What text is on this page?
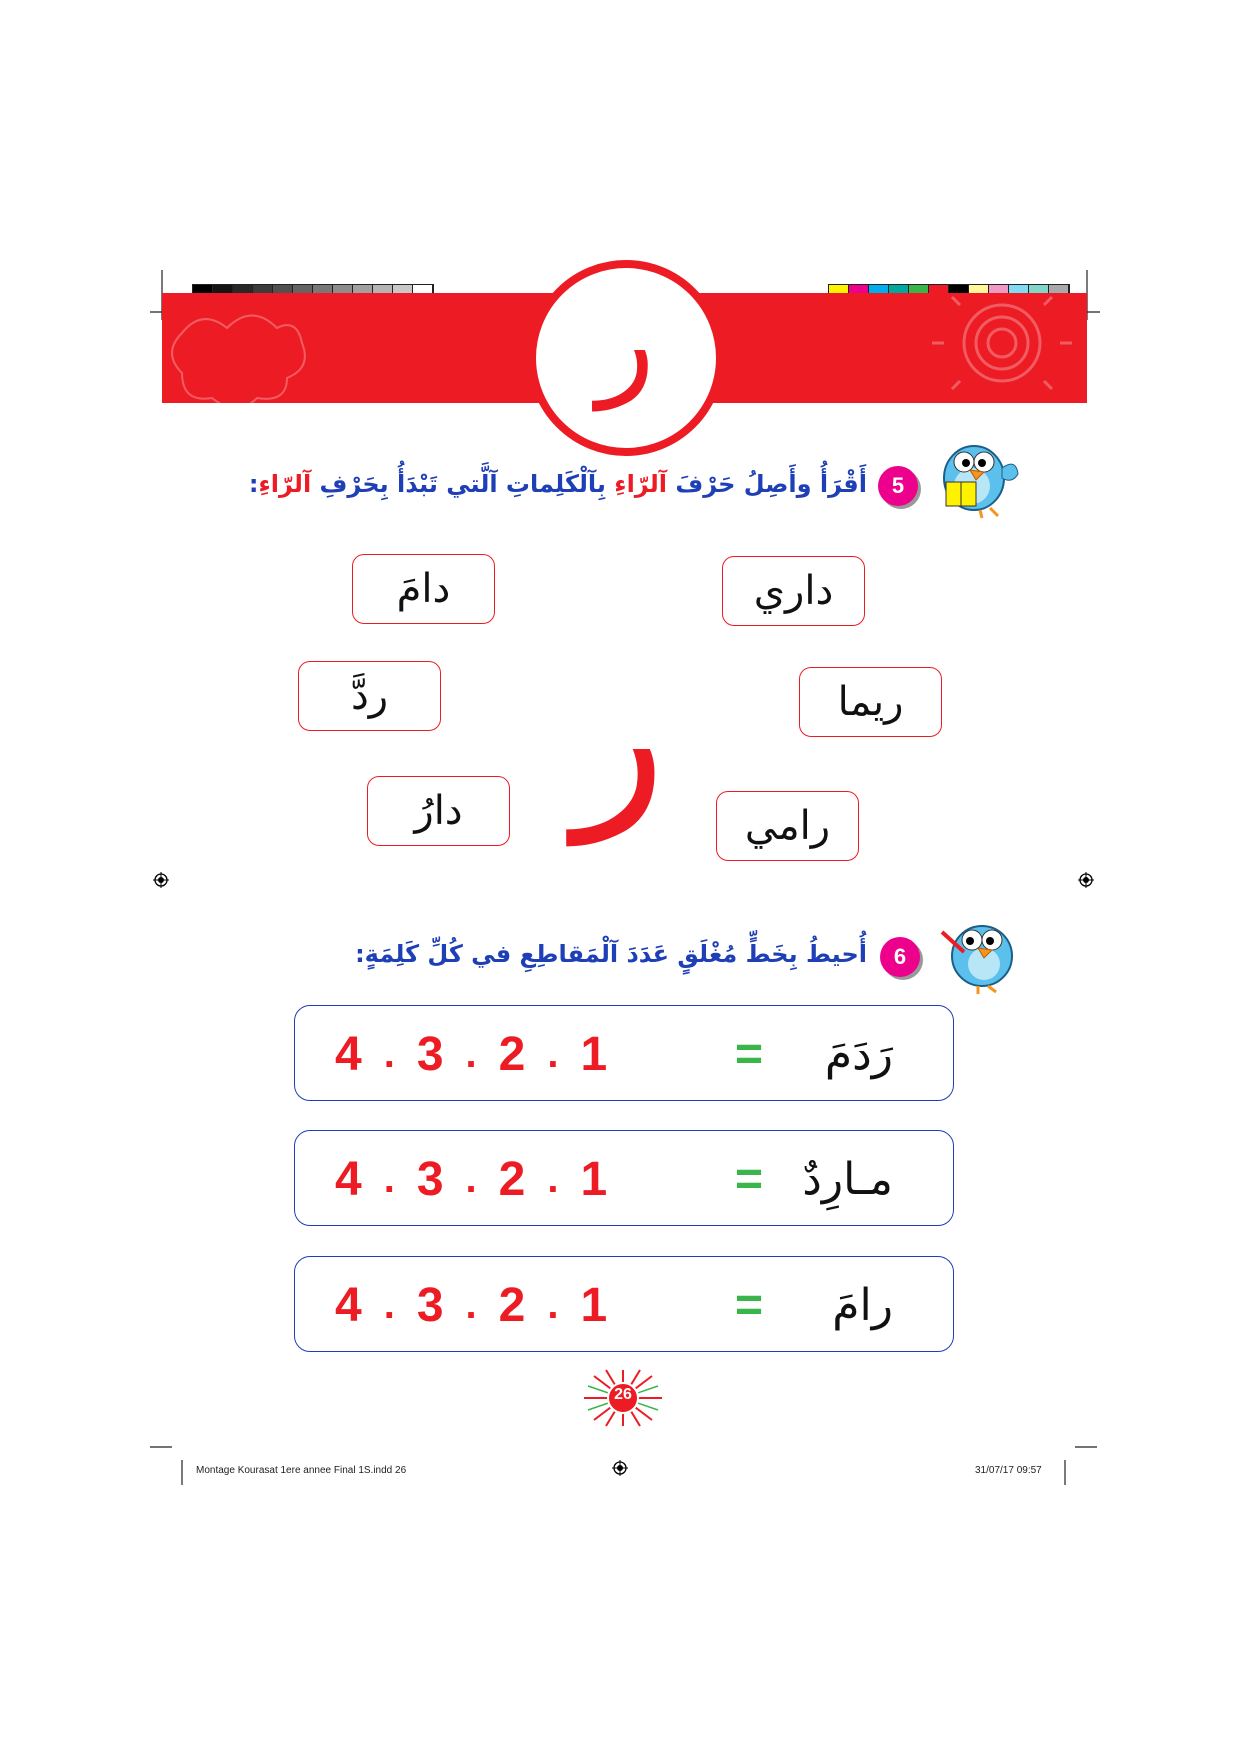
ر
5
أَقْرَأُ وأَصِلُ حَرْفَ آلرّاءِ بِآلْكَلِماتِ آلَّتي تَبْدَأُ بِحَرْفِ آلرّاءِ:
دامَ
ردَّ
دارُ
داري
ريما
رامي
ر
6
أُحيطُ بِخَطٍّ مُغْلَقٍ عَدَدَ آلْمَقاطِعِ في كُلِّ كَلِمَةٍ:
4 . 3 . 2 . 1	= رَدَمَ
4 . 3 . 2 . 1	= مـارِدٌ
4 . 3 . 2 . 1	= رامَ
26
Montage Kourasat 1ere annee Final 1S.indd 26	31/07/17 09:57
